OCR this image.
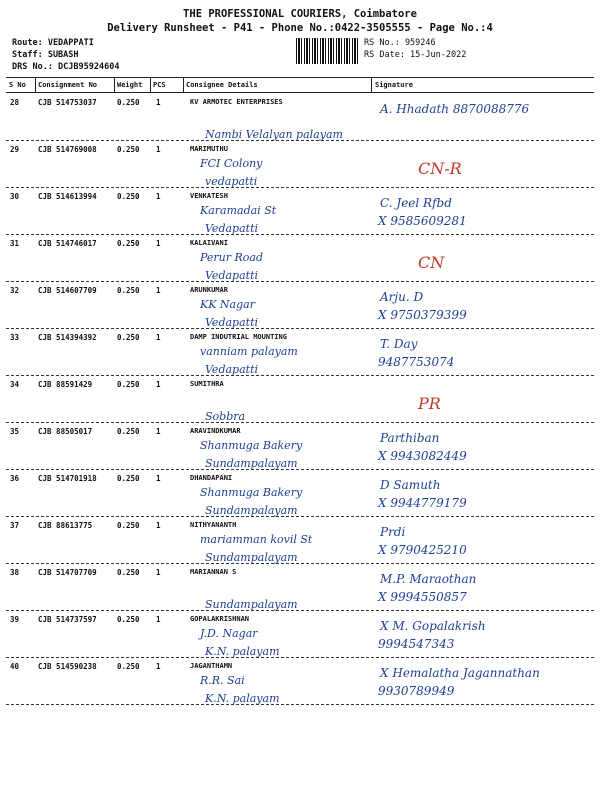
THE PROFESSIONAL COURIERS, Coimbatore
Delivery Runsheet - P41 - Phone No.:0422-3505555 - Page No.:4
Route: VEDAPPATI
Staff: SUBASH
DRS No.: DCJB95924604
RS No.: 959246
RS Date: 15-Jun-2022
S No Consignment No	Weight PCS	Consignee Details	Signature
28	CJB 514753037	0.250 1	KV ARMOTEC ENTERPRISES
Nambi Velalyan palayam
A. Hhadath 8870088776
29	CJB 514769008	0.250 1	MARIMUTHU
FCI Colony
vedapatti
CN-R
30	CJB 514613994	0.250 1	VENKATESH
Karamadai St
Vedapatti
C. Jeel Rfbd
X 9585609281
31	CJB 514746017	0.250 1	KALAIVANI
Perur Road
Vedapatti
CN
32	CJB 514607709	0.250 1	ARUNKUMAR
KK Nagar
Vedapatti
Arju. D
X 9750379399
33	CJB 514394392	0.250 1	DAMP INDUTRIAL MOUNTING
vanniam palayam
Vedapatti
T. Day
9487753074
34	CJB 88591429	0.250 1	SUMITHRA
Sobbra
PR
35	CJB 88505017	0.250 1	ARAVINDKUMAR
Shanmuga Bakery
Sundampalayam
Parthiban
X 9943082449
36	CJB 514701918	0.250 1	DHANDAPANI
Shanmuga Bakery
Sundampalayam
D Samuth
X 9944779179
37	CJB 88613775	0.250 1	NITHYANANTH
mariamman kovil St
Sundampalayam
Prdi
X 9790425210
38	CJB 514707709	0.250 1	MARIANNAN S
Sundampalayam
M.P. Maraothan
X 9994550857
39	CJB 514737597	0.250 1	GOPALAKRISHNAN
J.D. Nagar
K.N. palayam
X M. Gopalakrish
9994547343
40	CJB 514590238	0.250 1	JAGANTHAMN
R.R. Sai
K.N. palayam
X Hemalatha Jagannathan
9930789949
